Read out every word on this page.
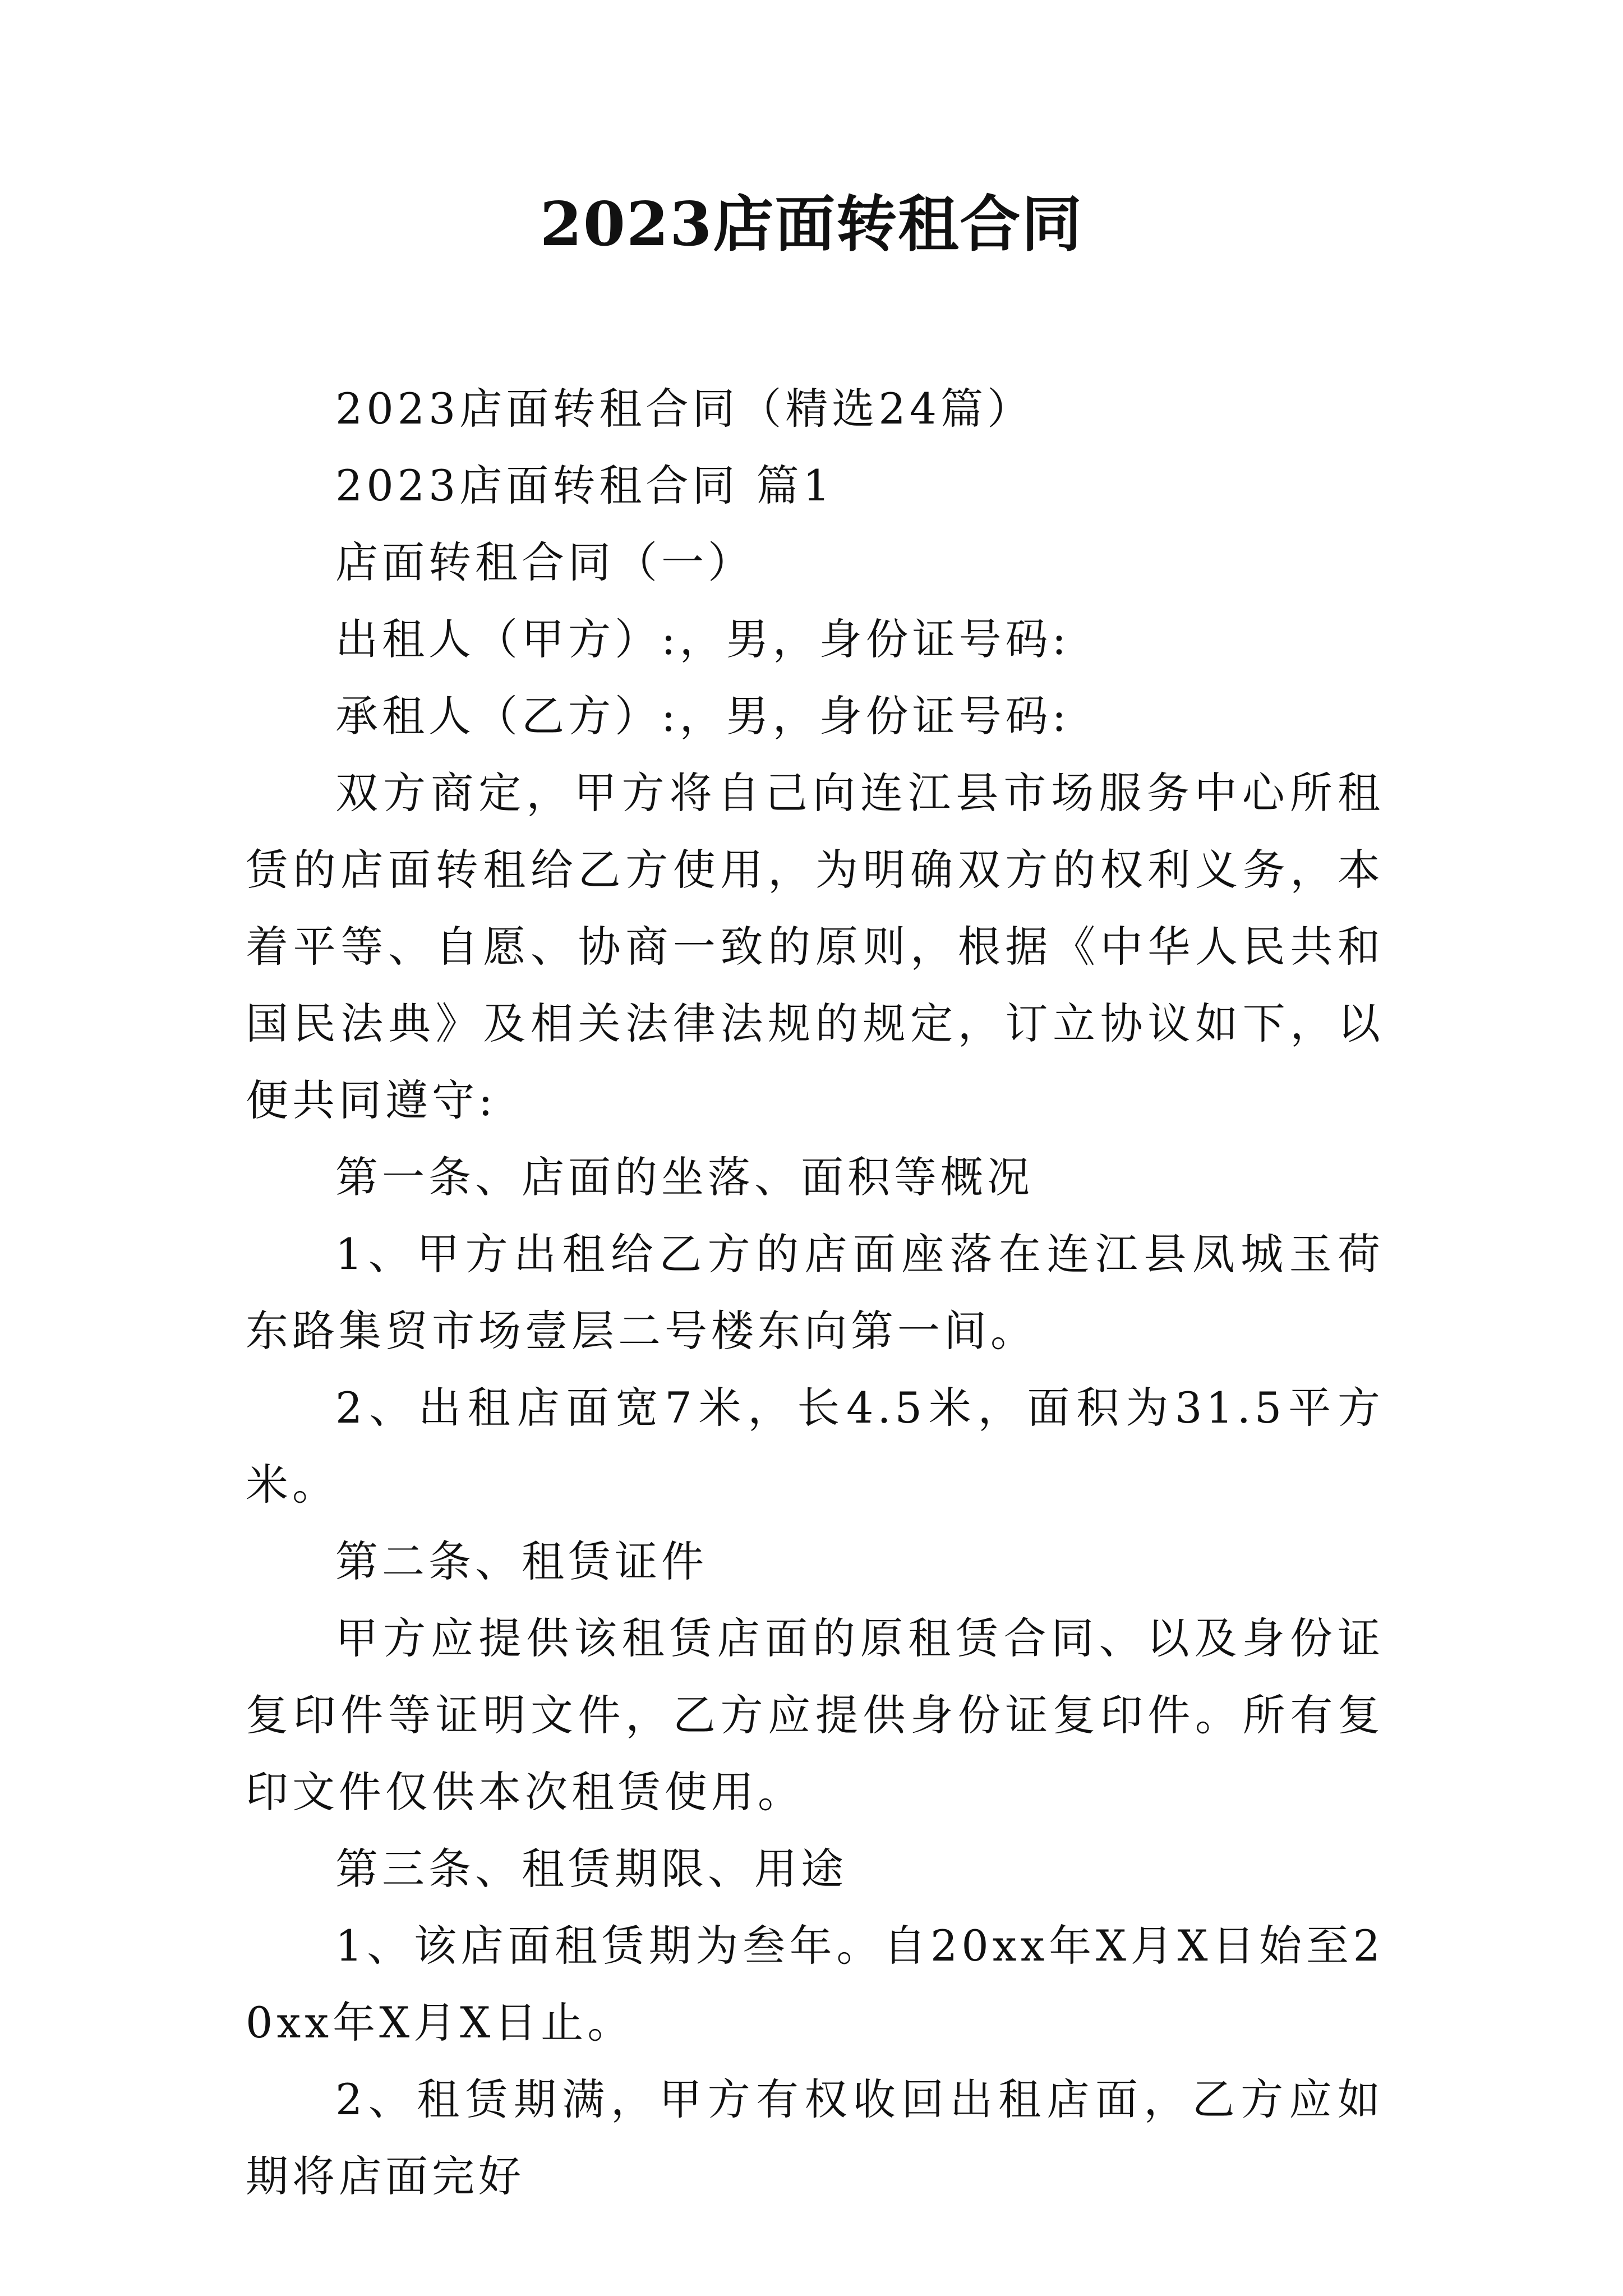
2023店面转租合同

2023店面转租合同（精选24篇）

2023店面转租合同 篇1

店面转租合同（一）

出租人（甲方）:，男，身份证号码:

承租人（乙方）:，男，身份证号码:

双方商定，甲方将自己向连江县市场服务中心所租赁的店面转租给乙方使用，为明确双方的权利义务，本着平等、自愿、协商一致的原则，根据《中华人民共和国民法典》及相关法律法规的规定，订立协议如下，以便共同遵守:

第一条、店面的坐落、面积等概况

1、甲方出租给乙方的店面座落在连江县凤城玉荷东路集贸市场壹层二号楼东向第一间。

2、出租店面宽7米，长4.5米，面积为31.5平方米。

第二条、租赁证件

甲方应提供该租赁店面的原租赁合同、以及身份证复印件等证明文件，乙方应提供身份证复印件。所有复印文件仅供本次租赁使用。

第三条、租赁期限、用途

1、该店面租赁期为叁年。自20xx年X月X日始至20xx年X月X日止。

2、租赁期满，甲方有权收回出租店面，乙方应如期将店面完好
